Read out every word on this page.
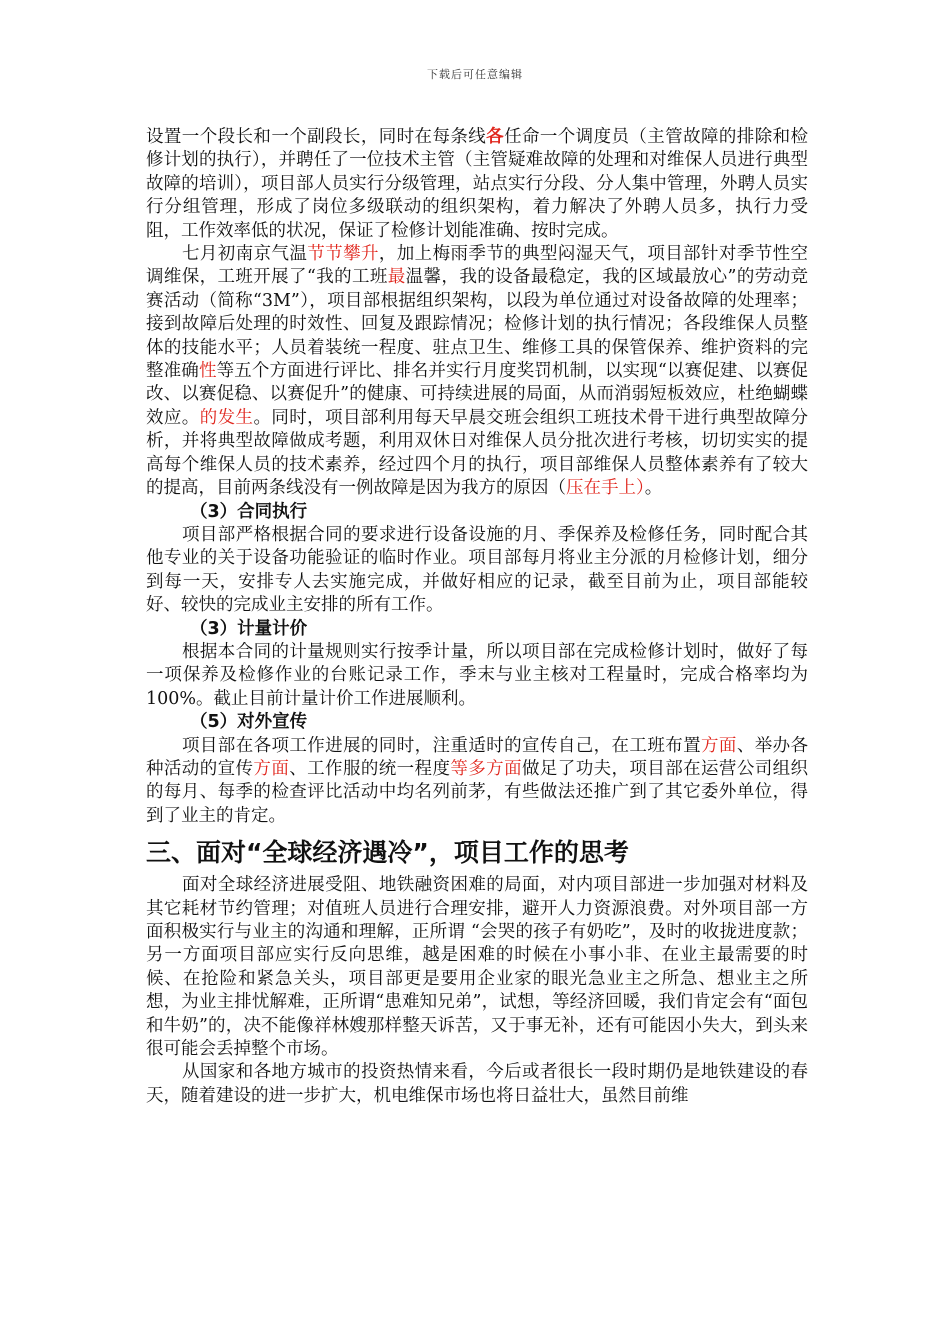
下载后可任意编辑

设置一个段长和一个副段长，同时在每条线各任命一个调度员（主管故障的排除和检修计划的执行），并聘任了一位技术主管（主管疑难故障的处理和对维保人员进行典型故障的培训），项目部人员实行分级管理，站点实行分段、分人集中管理，外聘人员实行分组管理，形成了岗位多级联动的组织架构，着力解决了外聘人员多，执行力受阻，工作效率低的状况，保证了检修计划能准确、按时完成。

七月初南京气温节节攀升，加上梅雨季节的典型闷湿天气，项目部针对季节性空调维保，工班开展了“我的工班最温馨，我的设备最稳定，我的区域最放心”的劳动竞赛活动（简称“3M”），项目部根据组织架构，以段为单位通过对设备故障的处理率；接到故障后处理的时效性、回复及跟踪情况；检修计划的执行情况；各段维保人员整体的技能水平；人员着装统一程度、驻点卫生、维修工具的保管保养、维护资料的完整准确性等五个方面进行评比、排名并实行月度奖罚机制，以实现“以赛促建、以赛促改、以赛促稳、以赛促升”的健康、可持续进展的局面，从而消弱短板效应，杜绝蝴蝶效应。的发生。同时，项目部利用每天早晨交班会组织工班技术骨干进行典型故障分析，并将典型故障做成考题，利用双休日对维保人员分批次进行考核，切切实实的提高每个维保人员的技术素养，经过四个月的执行，项目部维保人员整体素养有了较大的提高，目前两条线没有一例故障是因为我方的原因（压在手上）。

（3）合同执行

项目部严格根据合同的要求进行设备设施的月、季保养及检修任务，同时配合其他专业的关于设备功能验证的临时作业。项目部每月将业主分派的月检修计划，细分到每一天，安排专人去实施完成，并做好相应的记录，截至目前为止，项目部能较好、较快的完成业主安排的所有工作。

（3）计量计价

根据本合同的计量规则实行按季计量，所以项目部在完成检修计划时，做好了每一项保养及检修作业的台账记录工作，季末与业主核对工程量时，完成合格率均为100%。截止目前计量计价工作进展顺利。

（5）对外宣传

项目部在各项工作进展的同时，注重适时的宣传自己，在工班布置方面、举办各种活动的宣传方面、工作服的统一程度等多方面做足了功夫，项目部在运营公司组织的每月、每季的检查评比活动中均名列前茅，有些做法还推广到了其它委外单位，得到了业主的肯定。

三、面对“全球经济遇冷”，项目工作的思考

面对全球经济进展受阻、地铁融资困难的局面，对内项目部进一步加强对材料及其它耗材节约管理；对值班人员进行合理安排，避开人力资源浪费。对外项目部一方面积极实行与业主的沟通和理解，正所谓 “会哭的孩子有奶吃”，及时的收拢进度款；另一方面项目部应实行反向思维，越是困难的时候在小事小非、在业主最需要的时候、在抢险和紧急关头，项目部更是要用企业家的眼光急业主之所急、想业主之所想，为业主排忧解难，正所谓“患难知兄弟”，试想，等经济回暖，我们肯定会有“面包和牛奶”的，决不能像祥林嫂那样整天诉苦，又于事无补，还有可能因小失大，到头来很可能会丢掉整个市场。

从国家和各地方城市的投资热情来看，今后或者很长一段时期仍是地铁建设的春天，随着建设的进一步扩大，机电维保市场也将日益壮大，虽然目前维
